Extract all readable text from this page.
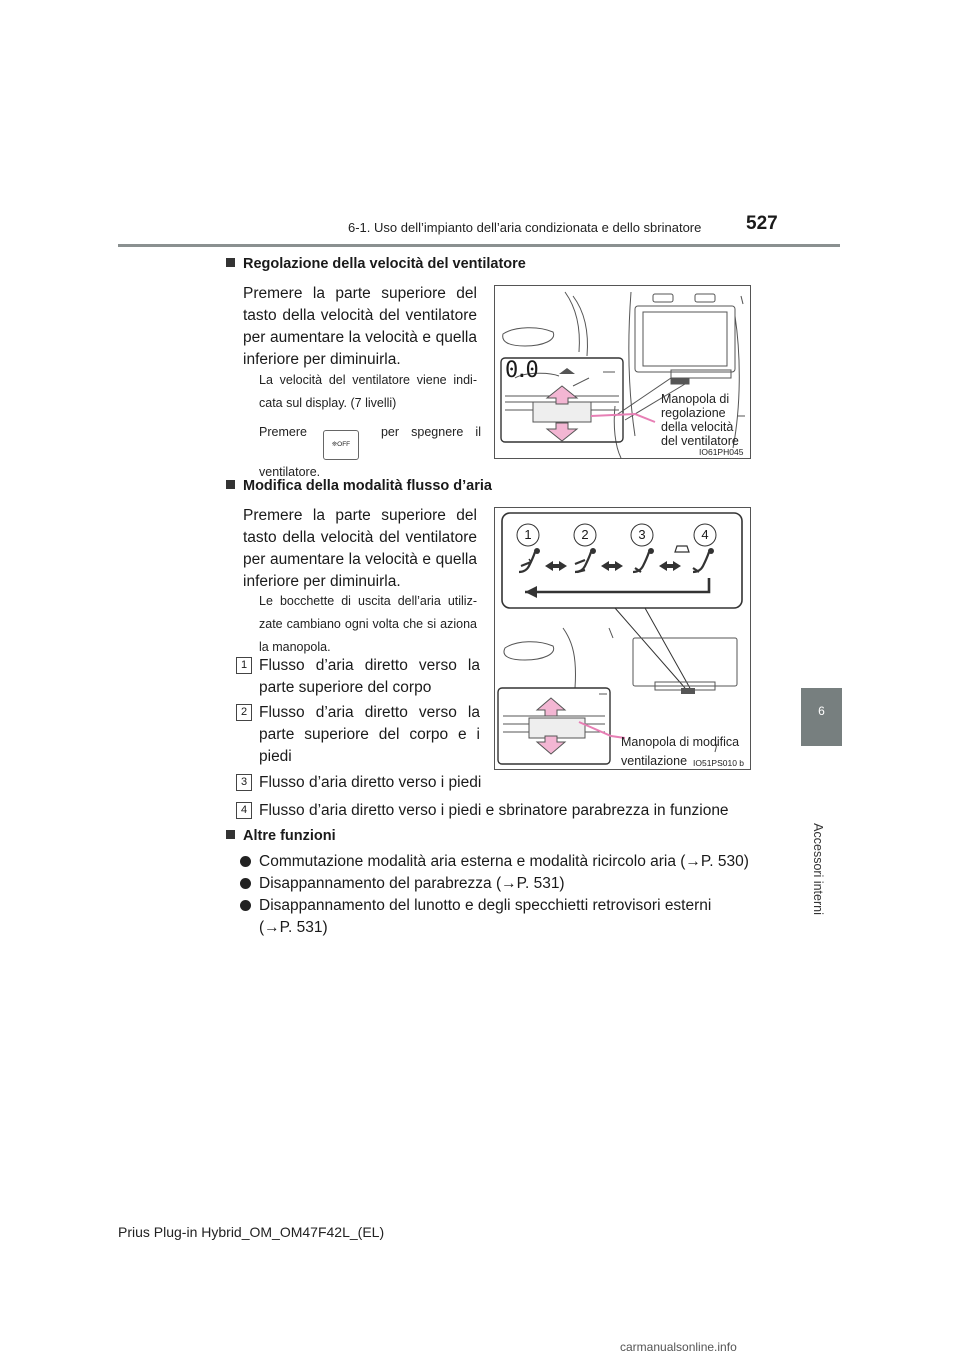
6-1. Uso dell’impianto dell’aria condizionata e dello sbrinatore 527
6
Accessori interni
Regolazione della velocità del ventilatore
Premere la parte superiore del tasto della velocità del ventilatore per aumentare la velocità e quella inferiore per diminuirla.
La velocità del ventilatore viene indi-cata sul display. (7 livelli)
Premere❊OFFper spegnere il ventilatore.
0.0
Manopola di regolazione della velocità del ventilatore
IO61PH045
Modifica della modalità flusso d’aria
Premere la parte superiore del tasto della velocità del ventilatore per aumentare la velocità e quella inferiore per diminuirla.
Le bocchette di uscita dell’aria utiliz-zate cambiano ogni volta che si aziona la manopola.
1 Flusso d’aria diretto verso la parte superiore del corpo
2 Flusso d’aria diretto verso la parte superiore del corpo e i piedi
3 Flusso d’aria diretto verso i piedi
4 Flusso d’aria diretto verso i piedi e sbrinatore parabrezza in funzione
1	2	3	4
Manopola di modifica ventilazione IO51PS010 b
Altre funzioni
Commutazione modalità aria esterna e modalità ricircolo aria (→P. 530)
Disappannamento del parabrezza (→P. 531)
Disappannamento del lunotto e degli specchietti retrovisori esterni (→P. 531)
Prius Plug-in Hybrid_OM_OM47F42L_(EL)
carmanualsonline.info
